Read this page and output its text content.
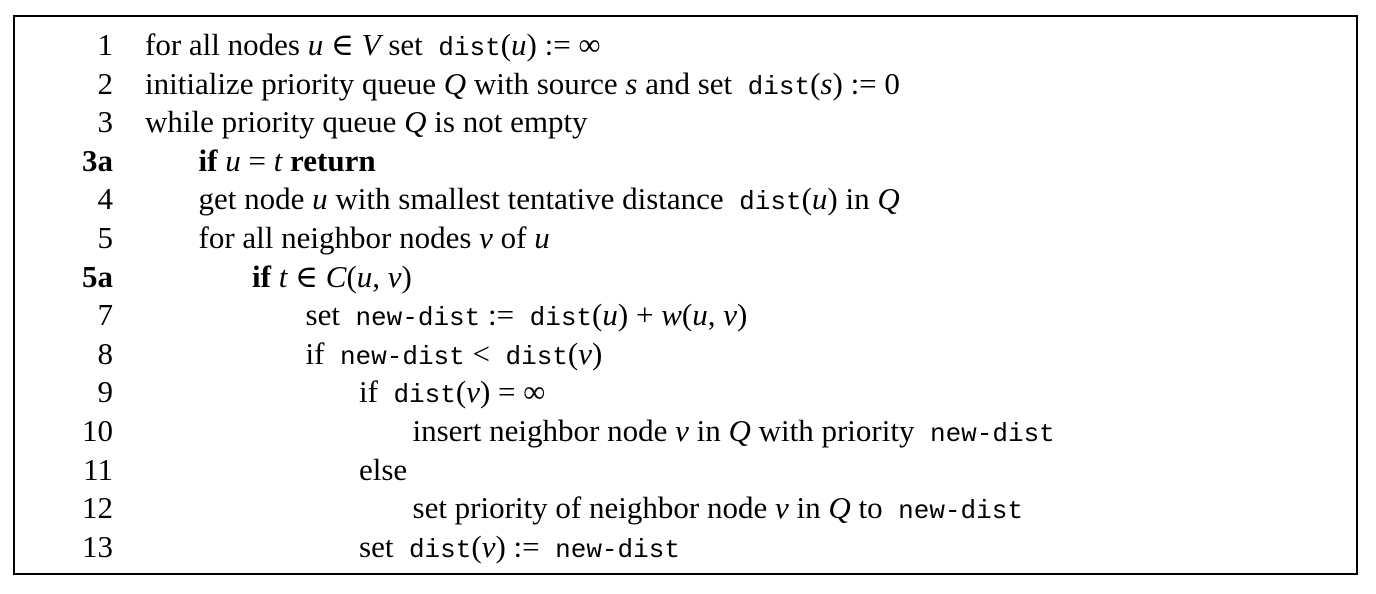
1 for all nodes u ∈ V set  dist(u) := ∞
2 initialize priority queue Q with source s and set  dist(s) := 0
3 while priority queue Q is not empty
3a	if u = t return
4	get node u with smallest tentative distance  dist(u) in Q
5	for all neighbor nodes v of u
5a	if t ∈ C(u, v)
7	set  new-dist :=  dist(u) + w(u, v)
8	if  new-dist <  dist(v)
9	if  dist(v) = ∞
10	insert neighbor node v in Q with priority  new-dist
11	else
12	set priority of neighbor node v in Q to  new-dist
13	set  dist(v) :=  new-dist
